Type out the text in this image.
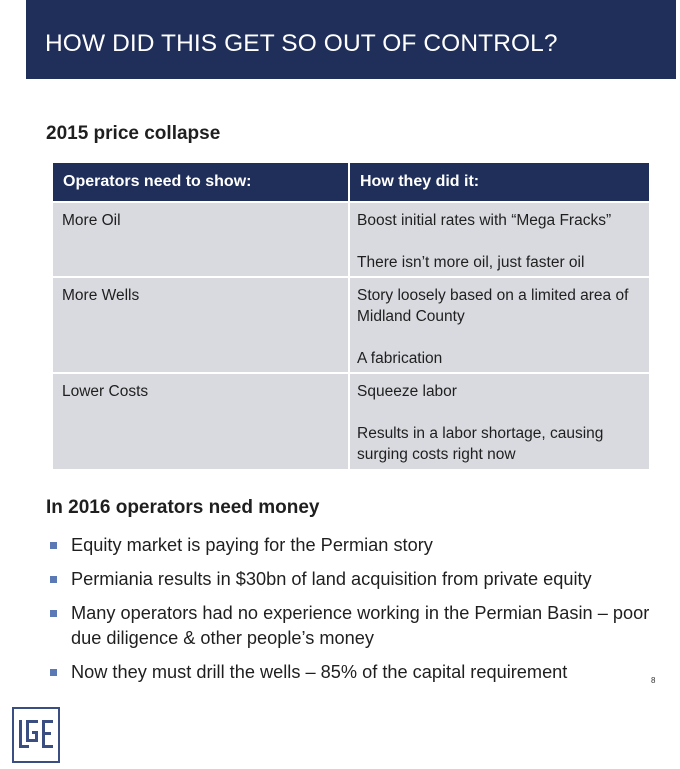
HOW DID THIS GET SO OUT OF CONTROL?
2015 price collapse
Operators need to show:	How they did it:
More Oil	Boost initial rates with “Mega Fracks”

There isn’t more oil, just faster oil

More Wells	Story loosely based on a limited area of Midland County

A fabrication

Lower Costs	Squeeze labor

Results in a labor shortage, causing surging costs right now

In 2016 operators need money
Equity market is paying for the Permian story
Permiania results in $30bn of land acquisition from private equity
Many operators had no experience working in the Permian Basin – poor due diligence & other people’s money
Now they must drill the wells – 85% of the capital requirement	8
